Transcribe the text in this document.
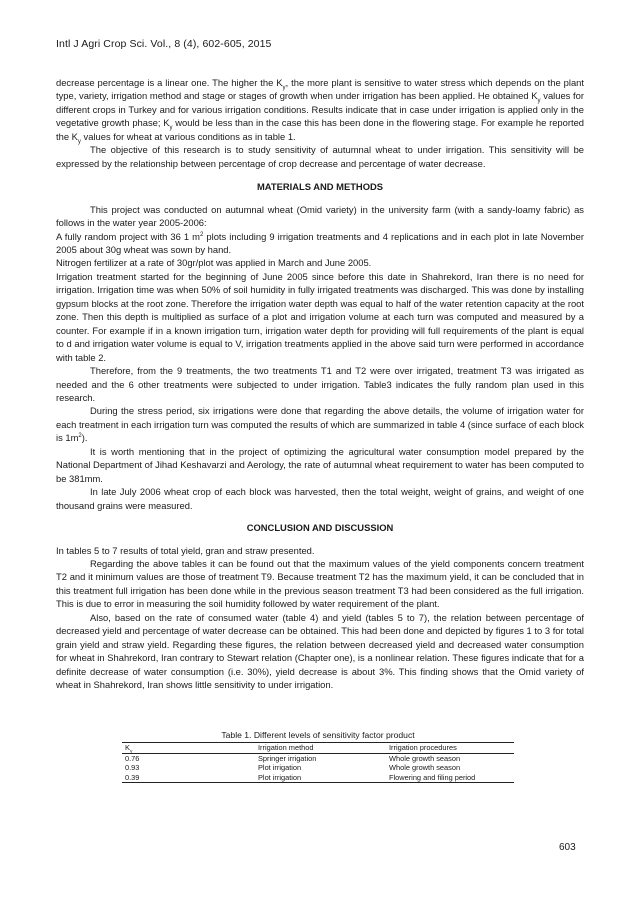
Intl J Agri Crop Sci. Vol., 8 (4), 602-605, 2015

decrease percentage is a linear one. The higher the $K_y$, the more plant is sensitive to water stress which depends on the plant type, variety, irrigation method and stage or stages of growth when under irrigation has been applied. He obtained $K_y$ values for different crops in Turkey and for various irrigation conditions. Results indicate that in case under irrigation is applied only in the vegetative growth phase; $K_y$ would be less than in the case this has been done in the flowering stage. For example he reported the $K_y$ values for wheat at various conditions as in table 1.

The objective of this research is to study sensitivity of autumnal wheat to under irrigation. This sensitivity will be expressed by the relationship between percentage of crop decrease and percentage of water decrease.

MATERIALS AND METHODS

This project was conducted on autumnal wheat (Omid variety) in the university farm (with a sandy-loamy fabric) as follows in the water year 2005-2006:

A fully random project with 36 1 $m^2$ plots including 9 irrigation treatments and 4 replications and in each plot in late November 2005 about 30g wheat was sown by hand.

Nitrogen fertilizer at a rate of 30gr/plot was applied in March and June 2005.

Irrigation treatment started for the beginning of June 2005 since before this date in Shahrekord, Iran there is no need for irrigation. Irrigation time was when 50% of soil humidity in fully irrigated treatments was discharged. This was done by installing gypsum blocks at the root zone. Therefore the irrigation water depth was equal to half of the water retention capacity at the root zone. Then this depth is multiplied as surface of a plot and irrigation volume at each turn was computed and measured by a counter. For example if in a known irrigation turn, irrigation water depth for providing will full requirements of the plant is equal to d and irrigation water volume is equal to V, irrigation treatments applied in the above said turn were performed in accordance with table 2.

Therefore, from the 9 treatments, the two treatments T1 and T2 were over irrigated, treatment T3 was irrigated as needed and the 6 other treatments were subjected to under irrigation. Table3 indicates the fully random plan used in this research.

During the stress period, six irrigations were done that regarding the above details, the volume of irrigation water for each treatment in each irrigation turn was computed the results of which are summarized in table 4 (since surface of each block is $1m^2$).

It is worth mentioning that in the project of optimizing the agricultural water consumption model prepared by the National Department of Jihad Keshavarzi and Aerology, the rate of autumnal wheat requirement to water has been computed to be 381mm.

In late July 2006 wheat crop of each block was harvested, then the total weight, weight of grains, and weight of one thousand grains were measured.

CONCLUSION AND DISCUSSION

In tables 5 to 7 results of total yield, gran and straw presented.

Regarding the above tables it can be found out that the maximum values of the yield components concern treatment T2 and it minimum values are those of treatment T9. Because treatment T2 has the maximum yield, it can be concluded that in this treatment full irrigation has been done while in the previous season treatment T3 had been considered as the full irrigation. This is due to error in measuring the soil humidity followed by water requirement of the plant.

Also, based on the rate of consumed water (table 4) and yield (tables 5 to 7), the relation between percentage of decreased yield and percentage of water decrease can be obtained. This had been done and depicted by figures 1 to 3 for total grain yield and straw yield. Regarding these figures, the relation between decreased yield and decreased water consumption for wheat in Shahrekord, Iran contrary to Stewart relation (Chapter one), is a nonlinear relation. These figures indicate that for a definite decrease of water consumption (i.e. 30%), yield decrease is about 3%. This finding shows that the Omid variety of wheat in Shahrekord, Iran shows little sensitivity to under irrigation.

Table 1. Different levels of sensitivity factor product
$K_y$	Irrigation method	Irrigation procedures
0.76	Springer irrigation	Whole growth season
0.93	Plot irrigation	Whole growth season
0.39	Plot irrigation	Flowering and filing period
603
